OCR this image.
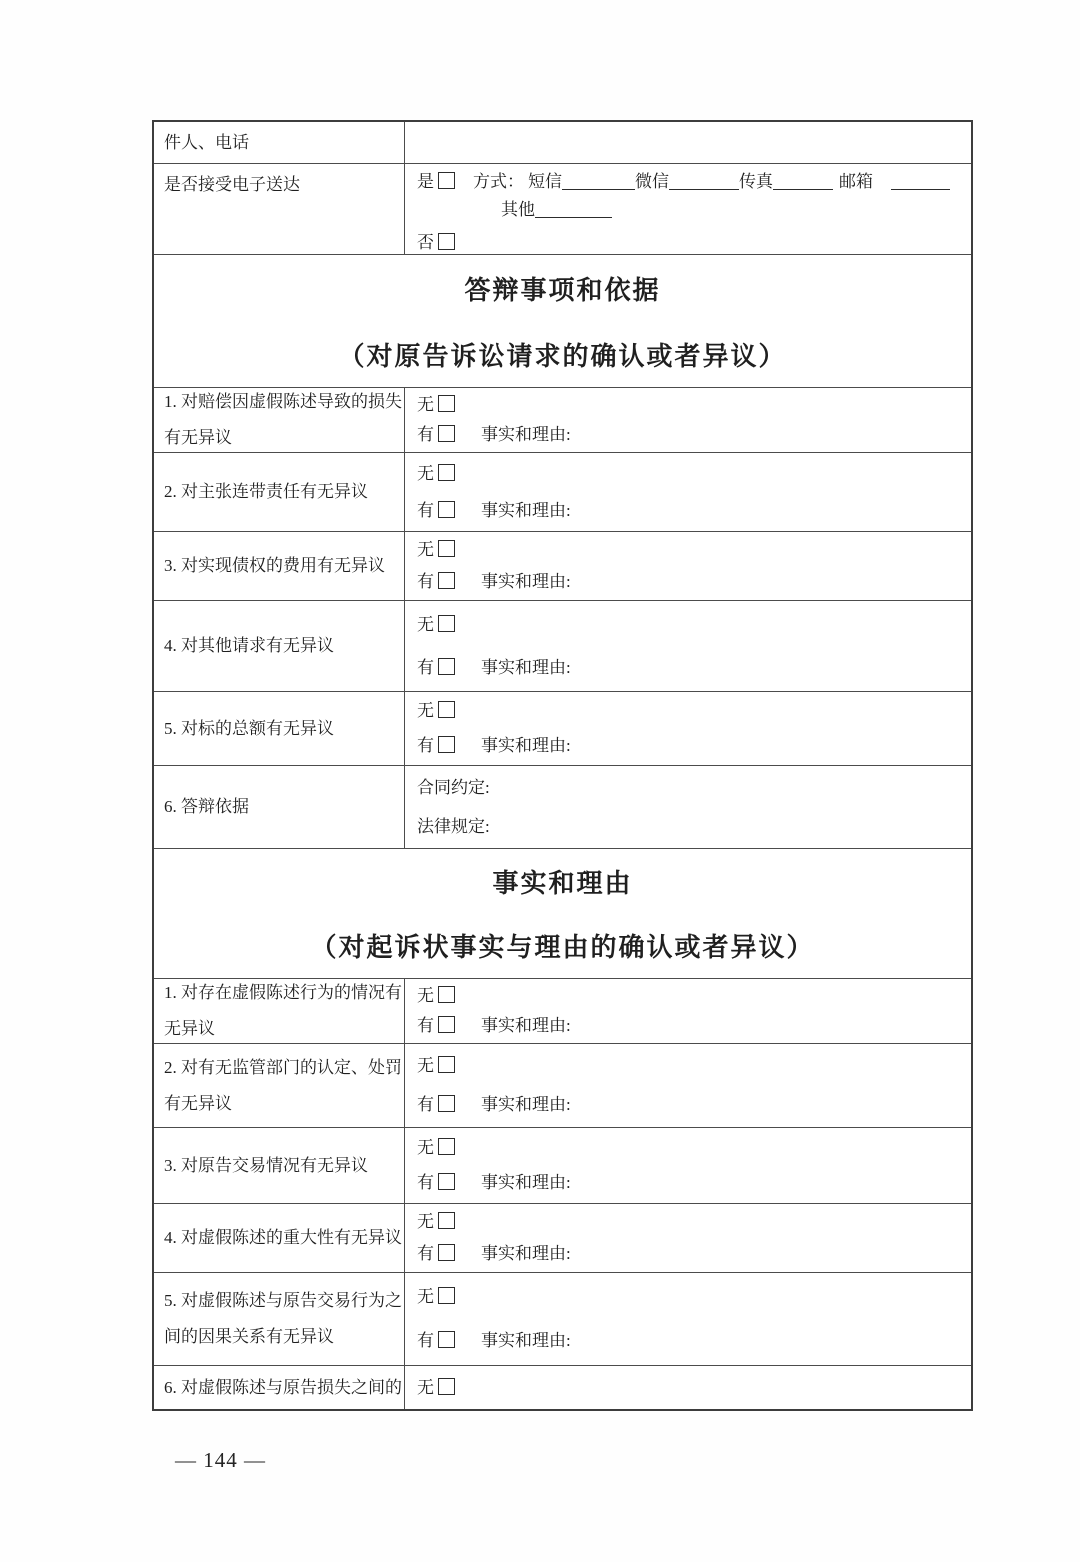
件人、电话
是否接受电子送达	是 方式： 短信	微信	传真	邮箱
其他
否
答辩事项和依据
（对原告诉讼请求的确认或者异议）
1. 对赔偿因虚假陈述导致的损失有无异议
无
有	事实和理由:
2. 对主张连带责任有无异议
无
有	事实和理由:
3. 对实现债权的费用有无异议
无
有	事实和理由:
4. 对其他请求有无异议
无
有	事实和理由:
5. 对标的总额有无异议
无
有	事实和理由:
6. 答辩依据
合同约定:
法律规定:
事实和理由
（对起诉状事实与理由的确认或者异议）
1. 对存在虚假陈述行为的情况有无异议
无
有	事实和理由:
2. 对有无监管部门的认定、处罚有无异议
无
有	事实和理由:
3. 对原告交易情况有无异议
无
有	事实和理由:
4. 对虚假陈述的重大性有无异议
无
有	事实和理由:
5. 对虚假陈述与原告交易行为之间的因果关系有无异议
无
有	事实和理由:
6. 对虚假陈述与原告损失之间的 无
— 144 —
